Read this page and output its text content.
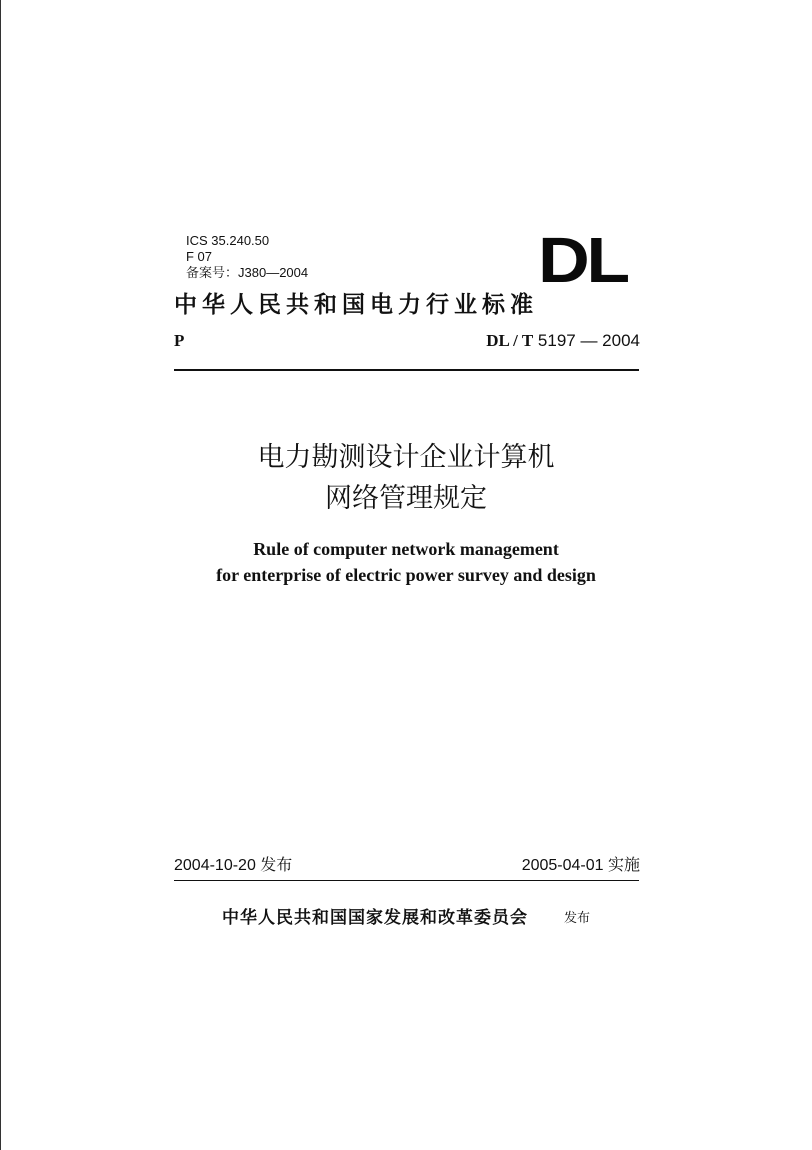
ICS 35.240.50
F 07
备案号：J380—2004	DL
中华人民共和国电力行业标准
P	DL / T 5197 — 2004
电力勘测设计企业计算机
网络管理规定
Rule of computer network management
for enterprise of electric power survey and design
2004-10-20 发布	2005-04-01 实施
中华人民共和国国家发展和改革委员会	发布
